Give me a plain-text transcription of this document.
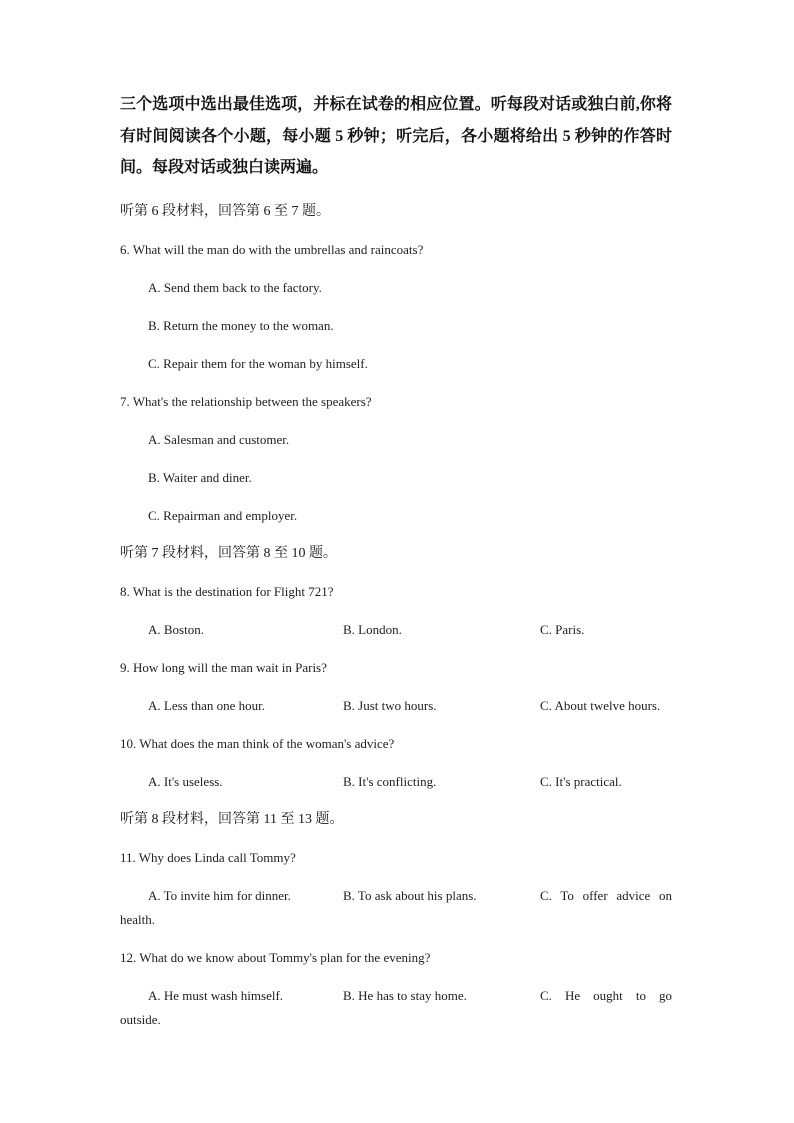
三个选项中选出最佳选项，并标在试卷的相应位置。听每段对话或独白前,你将有时间阅读各个小题，每小题 5 秒钟；听完后，各小题将给出 5 秒钟的作答时间。每段对话或独白读两遍。

听第 6 段材料，回答第 6 至 7 题。

6. What will the man do with the umbrellas and raincoats?

A. Send them back to the factory.

B. Return the money to the woman.

C. Repair them for the woman by himself.

7. What's the relationship between the speakers?

A. Salesman and customer.

B. Waiter and diner.

C. Repairman and employer.

听第 7 段材料，回答第 8 至 10 题。

8. What is the destination for Flight 721?

A. Boston.	B. London.	C. Paris.

9. How long will the man wait in Paris?

A. Less than one hour.	B. Just two hours.	C. About twelve hours.

10. What does the man think of the woman's advice?

A. It's useless.	B. It's conflicting.	C. It's practical.

听第 8 段材料，回答第 11 至 13 题。

11. Why does Linda call Tommy?

A. To invite him for dinner.	B. To ask about his plans.	C. To offer advice on health.

12. What do we know about Tommy's plan for the evening?

A. He must wash himself.	B. He has to stay home.	C. He ought to go outside.
